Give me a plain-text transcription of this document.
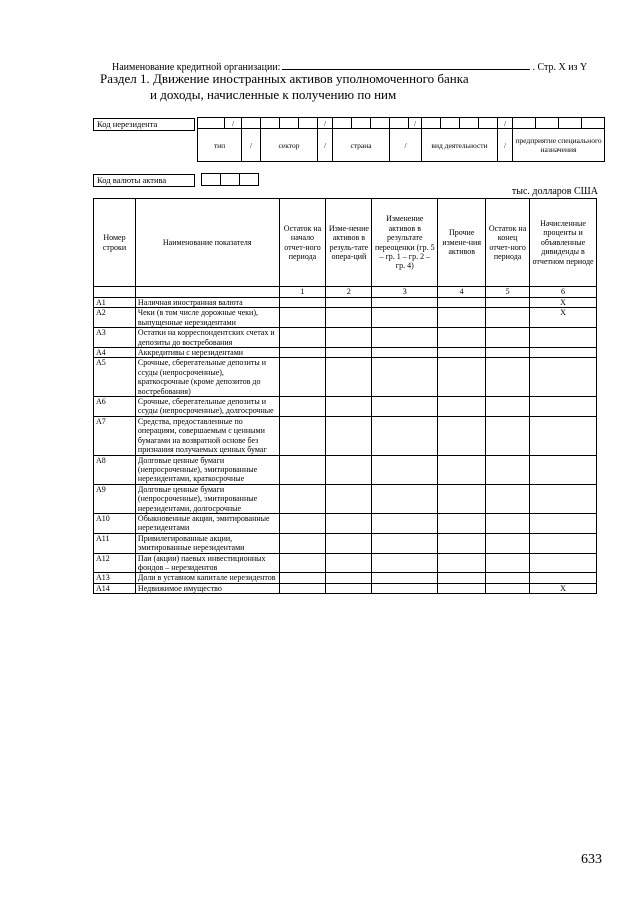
Наименование кредитной организации:	. Стр. X из Y
Раздел 1. Движение иностранных активов уполномоченного банка
и доходы, начисленные к получению по ним
Код нерезидента
		/					/					/					/				
тип		/	сектор			/	страна			/		вид деятельности				/	предприятие специального назначения			
Код валюты актива

тыс. долларов США
Номер строки	Наименование показателя	Остаток на начало отчет-ного периода	Изме-нение активов в резуль-тате опера-ций	Изменение активов в результате переоценки (гр. 5 – гр. 1 – гр. 2 – гр. 4)	Прочие измене-ния активов	Остаток на конец отчет-ного периода	Начисленные проценты и объявленные дивиденды в отчетном периоде
		1	2	3	4	5	6
A1	Наличная иностранная валюта						X
A2	Чеки (в том числе дорожные чеки), выпущенные нерезидентами						X
A3	Остатки на корреспондентских счетах и депозиты до востребования						
A4	Аккредитивы с нерезидентами						
A5	Срочные, сберегательные депозиты и ссуды (непросроченные), краткосрочные (кроме депозитов до востребования)						
A6	Срочные, сберегательные депозиты и ссуды (непросроченные), долгосрочные						
A7	Средства, предоставленные по операциям, совершаемым с ценными бумагами на возвратной основе без признания получаемых ценных бумаг						
A8	Долговые ценные бумаги (непросроченные), эмитированные нерезидентами, краткосрочные						
A9	Долговые ценные бумаги (непросроченные), эмитированные нерезидентами, долгосрочные						
A10	Обыкновенные акции, эмитированные нерезидентами						
A11	Привилегированные акции, эмитированные нерезидентами						
A12	Паи (акции) паевых инвестиционных фондов – нерезидентов						
A13	Доли в уставном капитале нерезидентов						
A14	Недвижимое имущество						X
633
